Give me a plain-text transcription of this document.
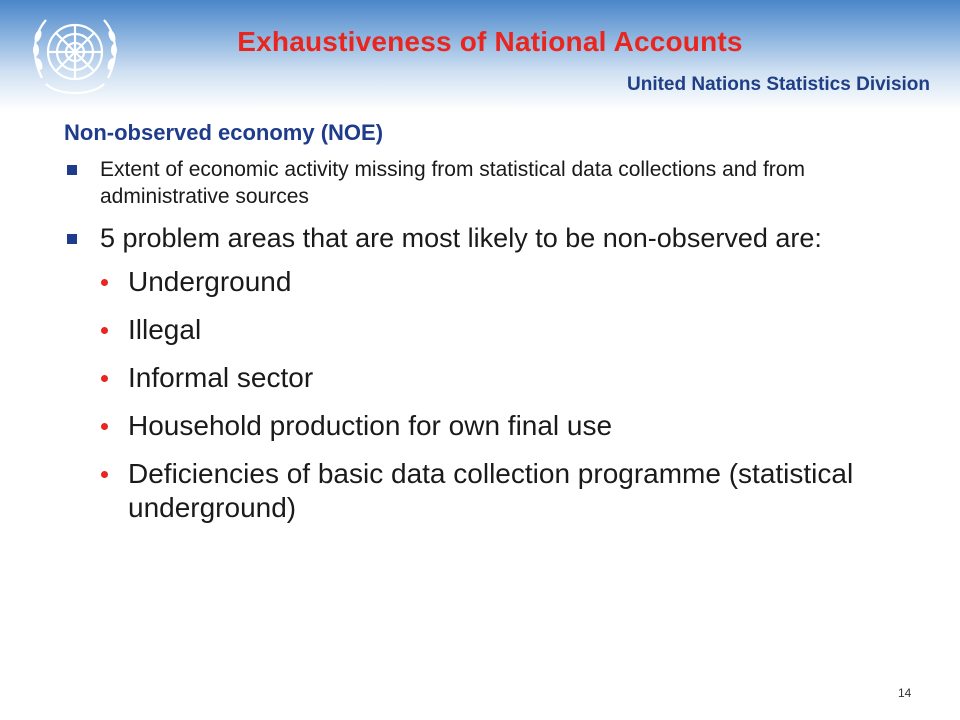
Exhaustiveness of National Accounts
United Nations Statistics Division
Non-observed economy (NOE)
Extent of economic activity missing from statistical data collections and from administrative sources
5 problem areas that are most likely to be non-observed are:
Underground
Illegal
Informal sector
Household production for own final use
Deficiencies of basic data collection programme (statistical underground)
14
